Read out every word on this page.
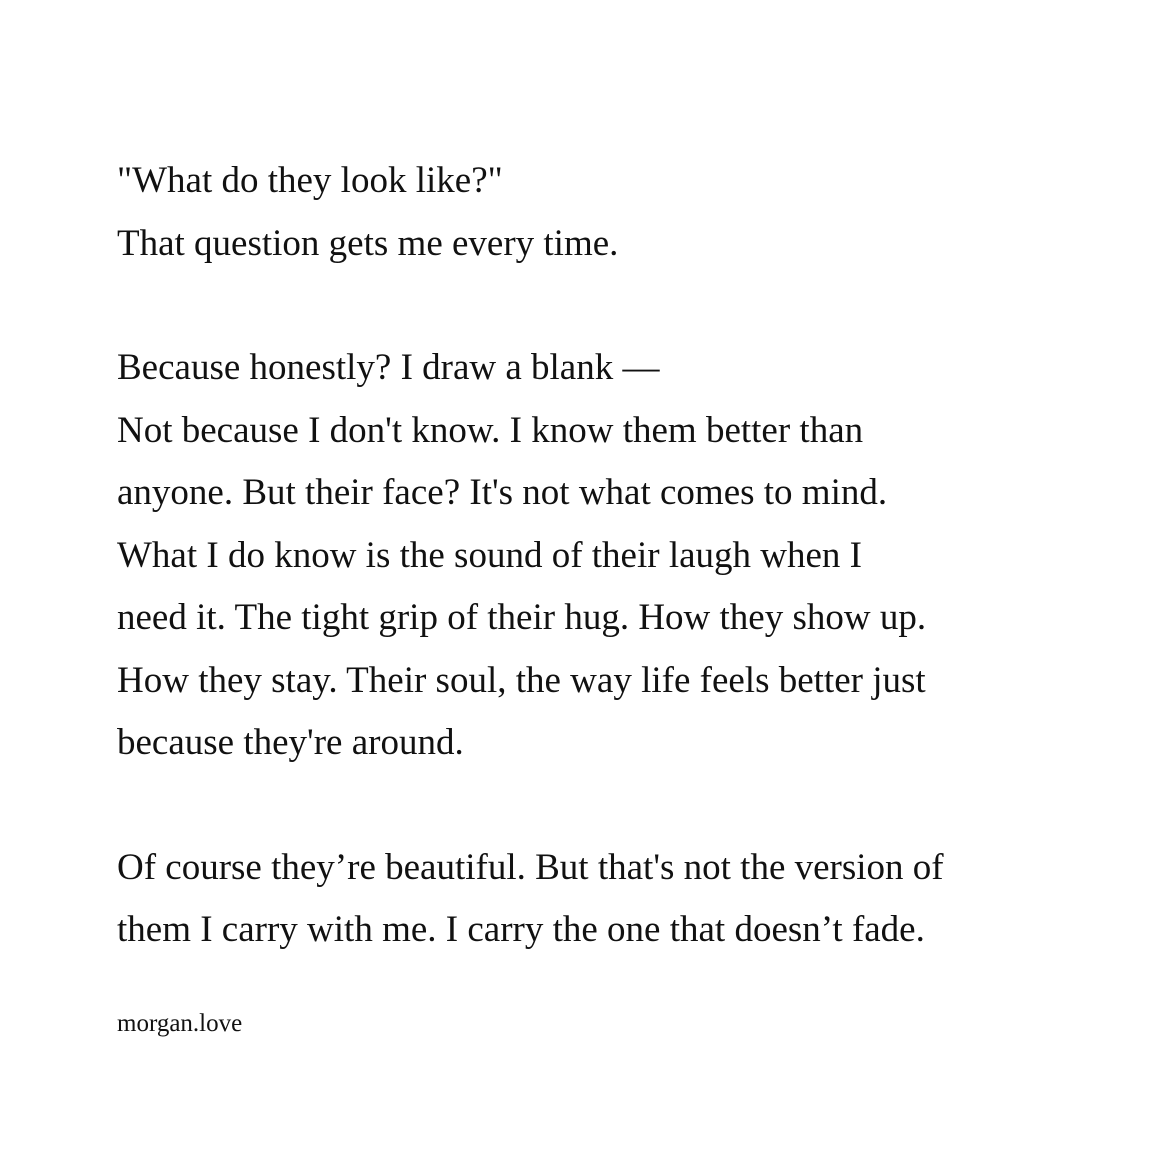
"What do they look like?"
That question gets me every time.

Because honestly? I draw a blank —
Not because I don't know. I know them better than
anyone. But their face? It's not what comes to mind.
What I do know is the sound of their laugh when I
need it. The tight grip of their hug. How they show up.
How they stay. Their soul, the way life feels better just
because they're around.

Of course they’re beautiful. But that's not the version of
them I carry with me. I carry the one that doesn’t fade.

morgan.love
